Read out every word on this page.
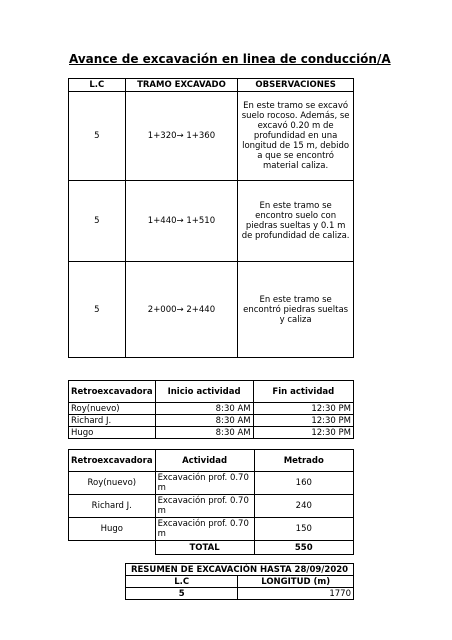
Avance de excavación en linea de conducción/A
L.C	TRAMO EXCAVADO	OBSERVACIONES
5	1+320→ 1+360	En este tramo se excavó suelo rocoso. Además, se excavó 0.20 m de profundidad en una longitud de 15 m, debido a que se encontró material caliza.
5	1+440→ 1+510	En este tramo se encontro suelo con piedras sueltas y 0.1 m de profundidad de caliza.
5	2+000→ 2+440	En este tramo se encontró piedras sueltas y caliza
Retroexcavadora	Inicio actividad	Fin actividad
Roy(nuevo)	8:30 AM	12:30 PM
Richard J.	8:30 AM	12:30 PM
Hugo	8:30 AM	12:30 PM
Retroexcavadora	Actividad	Metrado
Roy(nuevo)	Excavación prof. 0.70 m	160
Richard J.	Excavación prof. 0.70 m	240
Hugo	Excavación prof. 0.70 m	150
	TOTAL	550
RESUMEN DE EXCAVACIÓN HASTA 28/09/2020	
L.C	LONGITUD (m)
5	1770
